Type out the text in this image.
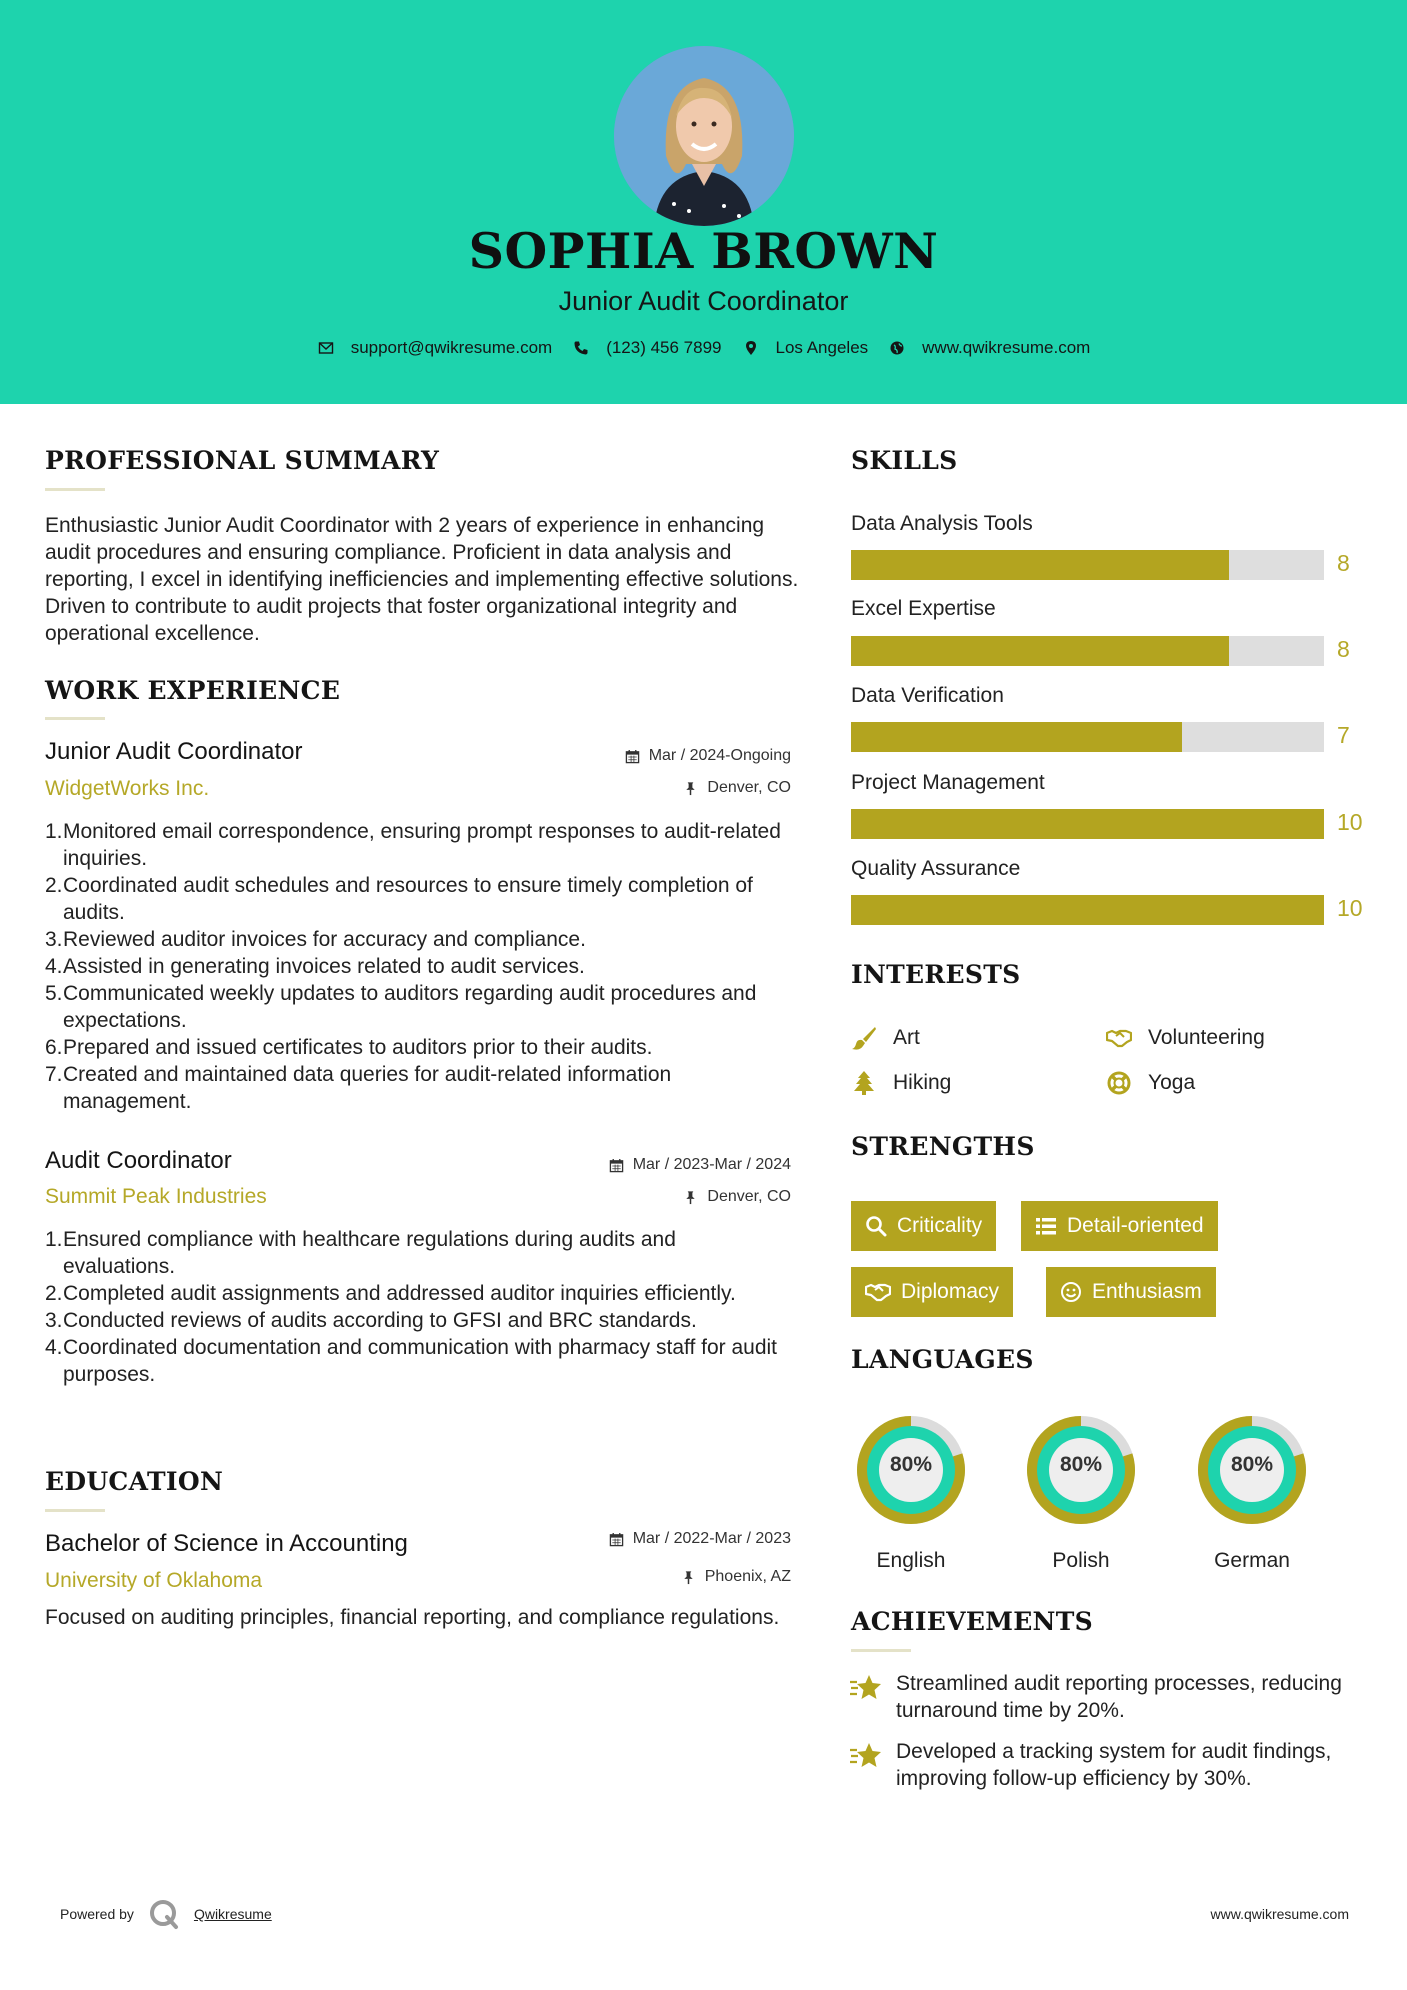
SOPHIA BROWN
Junior Audit Coordinator
support@qwikresume.com	(123) 456 7899	Los Angeles	www.qwikresume.com
PROFESSIONAL SUMMARY
Enthusiastic Junior Audit Coordinator with 2 years of experience in enhancing audit procedures and ensuring compliance. Proficient in data analysis and reporting, I excel in identifying inefficiencies and implementing effective solutions. Driven to contribute to audit projects that foster organizational integrity and operational excellence.
WORK EXPERIENCE
Junior Audit Coordinator	Mar / 2024-Ongoing
WidgetWorks Inc.	Denver, CO
1. Monitored email correspondence, ensuring prompt responses to audit-related inquiries.
2. Coordinated audit schedules and resources to ensure timely completion of audits.
3. Reviewed auditor invoices for accuracy and compliance.
4. Assisted in generating invoices related to audit services.
5. Communicated weekly updates to auditors regarding audit procedures and expectations.
6. Prepared and issued certificates to auditors prior to their audits.
7. Created and maintained data queries for audit-related information management.
Audit Coordinator	Mar / 2023-Mar / 2024
Summit Peak Industries	Denver, CO
1. Ensured compliance with healthcare regulations during audits and evaluations.
2. Completed audit assignments and addressed auditor inquiries efficiently.
3. Conducted reviews of audits according to GFSI and BRC standards.
4. Coordinated documentation and communication with pharmacy staff for audit purposes.
EDUCATION
Bachelor of Science in Accounting	Mar / 2022-Mar / 2023
University of Oklahoma	Phoenix, AZ
Focused on auditing principles, financial reporting, and compliance regulations.
SKILLS
Data Analysis Tools
8
Excel Expertise
8
Data Verification
7
Project Management
10
Quality Assurance
10
INTERESTS
Art	Volunteering
Hiking	Yoga
STRENGTHS
Criticality	Detail-oriented
Diplomacy	Enthusiasm
LANGUAGES
80%
English
80%
Polish
80%
German
ACHIEVEMENTS
Streamlined audit reporting processes, reducing turnaround time by 20%.
Developed a tracking system for audit findings, improving follow-up efficiency by 30%.
Powered by	Qwikresume	www.qwikresume.com
